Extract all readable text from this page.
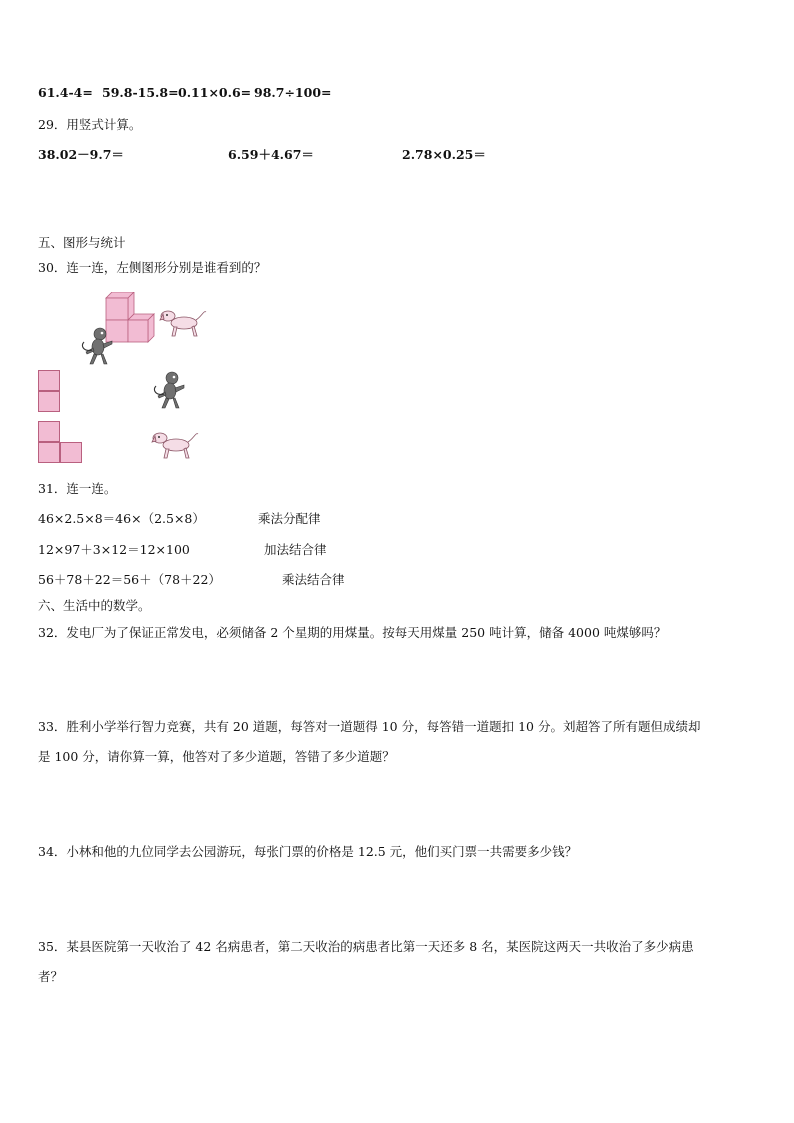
61.4-4= 59.8-15.8= 0.11×0.6= 98.7÷100=
29．用竖式计算。
38.02－9.7＝	6.59＋4.67＝	2.78×0.25＝
五、图形与统计
30．连一连，左侧图形分别是谁看到的？
31．连一连。
46×2.5×8＝46×（2.5×8）	乘法分配律
12×97＋3×12＝12×100	加法结合律
56＋78＋22＝56＋（78＋22）	乘法结合律
六、生活中的数学。
32．发电厂为了保证正常发电，必须储备 2 个星期的用煤量。按每天用煤量 250 吨计算，储备 4000 吨煤够吗？
33．胜利小学举行智力竞赛，共有 20 道题，每答对一道题得 10 分，每答错一道题扣 10 分。刘超答了所有题但成绩却
是 100 分，请你算一算，他答对了多少道题，答错了多少道题？
34．小林和他的九位同学去公园游玩，每张门票的价格是 12.5 元，他们买门票一共需要多少钱？
35．某县医院第一天收治了 42 名病患者，第二天收治的病患者比第一天还多 8 名，某医院这两天一共收治了多少病患
者？
